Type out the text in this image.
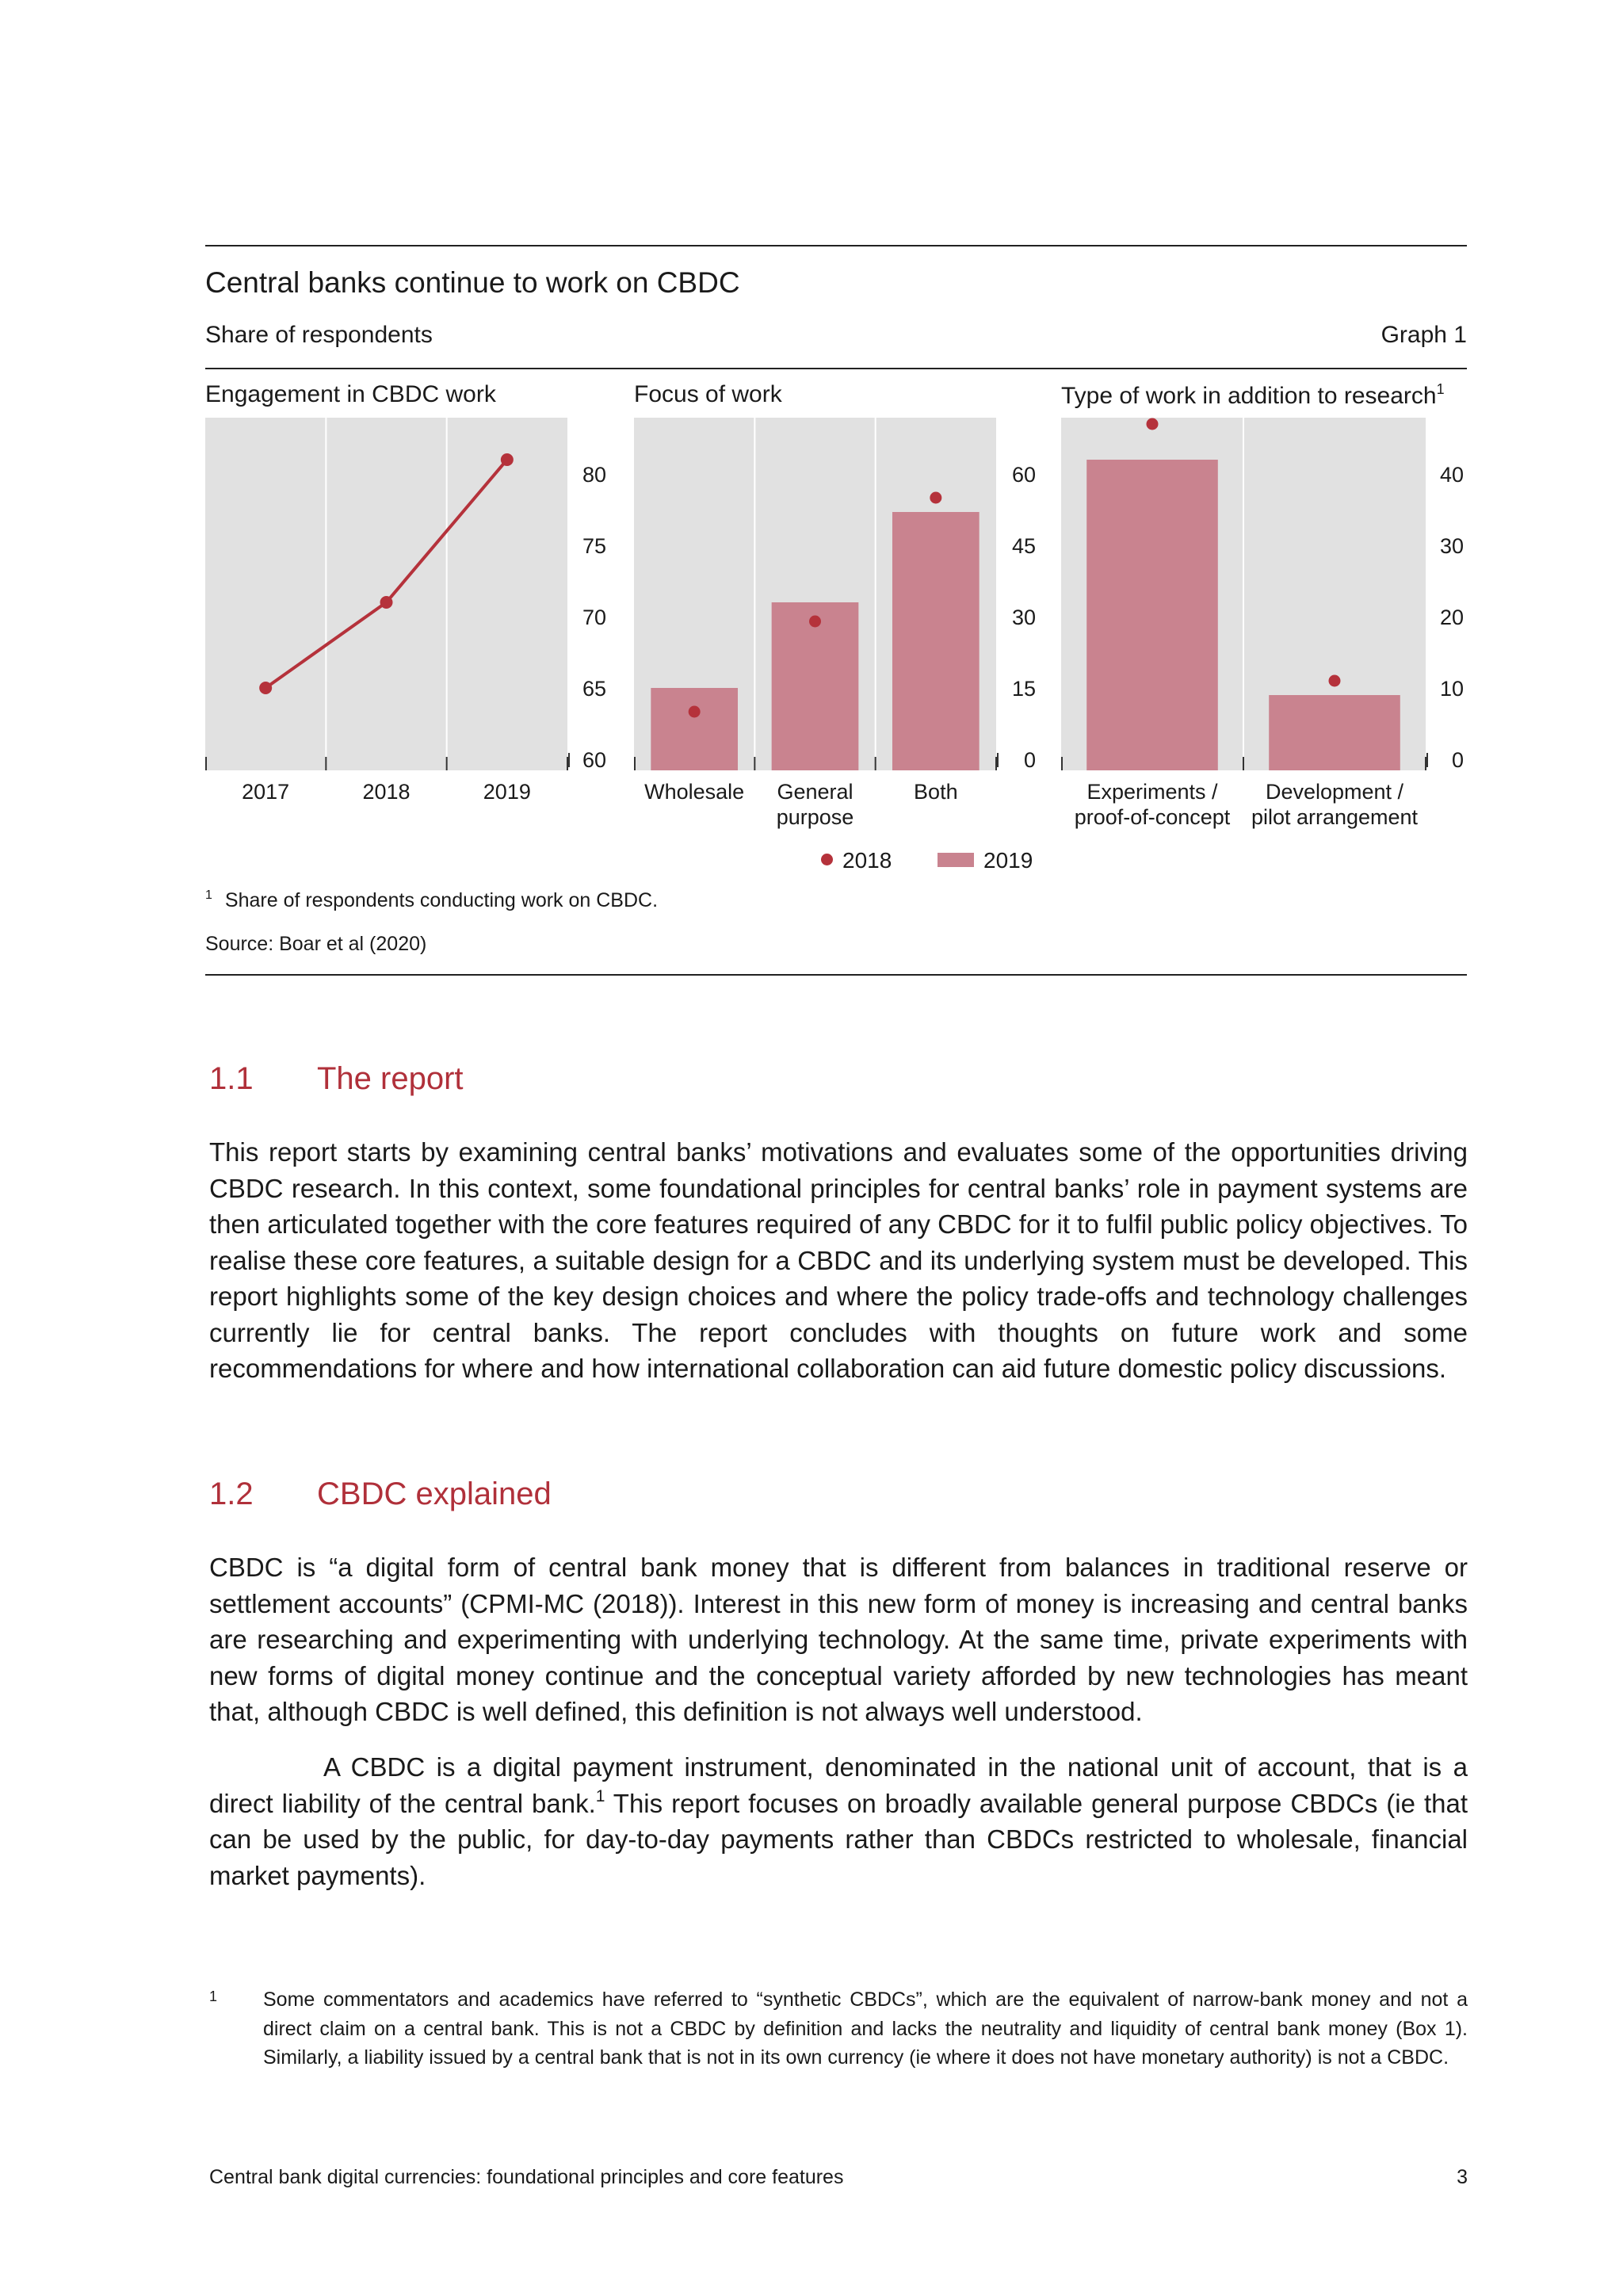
Central banks continue to work on CBDC
Share of respondents	Graph 1
Engagement in CBDC work	Focus of work	Type of work in addition to research$^1$
80
75
70
65
60
2017	2018	2019
60
45
30
15
0
Wholesale General
purpose
Both
40
30
20
10
0
Experiments /
proof-of-concept
Development /
pilot arrangement
2018	2019
$^1$ Share of respondents conducting work on CBDC.
Source: Boar et al (2020)
1.1 The report

This report starts by examining central banks’ motivations and evaluates some of the opportunities driving CBDC research. In this context, some foundational principles for central banks’ role in payment systems are then articulated together with the core features required of any CBDC for it to fulfil public policy objectives. To realise these core features, a suitable design for a CBDC and its underlying system must be developed. This report highlights some of the key design choices and where the policy trade-offs and technology challenges currently lie for central banks. The report concludes with thoughts on future work and some recommendations for where and how international collaboration can aid future domestic policy discussions.

1.2 CBDC explained

CBDC is “a digital form of central bank money that is different from balances in traditional reserve or settlement accounts” (CPMI-MC (2018)). Interest in this new form of money is increasing and central banks are researching and experimenting with underlying technology. At the same time, private experiments with new forms of digital money continue and the conceptual variety afforded by new technologies has meant that, although CBDC is well defined, this definition is not always well understood.

A CBDC is a digital payment instrument, denominated in the national unit of account, that is a direct liability of the central bank.$^1$ This report focuses on broadly available general purpose CBDCs (ie that can be used by the public, for day-to-day payments rather than CBDCs restricted to wholesale, financial market payments).

1 Some commentators and academics have referred to “synthetic CBDCs”, which are the equivalent of narrow-bank money and not a direct claim on a central bank. This is not a CBDC by definition and lacks the neutrality and liquidity of central bank money (Box 1). Similarly, a liability issued by a central bank that is not in its own currency (ie where it does not have monetary authority) is not a CBDC.

Central bank digital currencies: foundational principles and core features	3
